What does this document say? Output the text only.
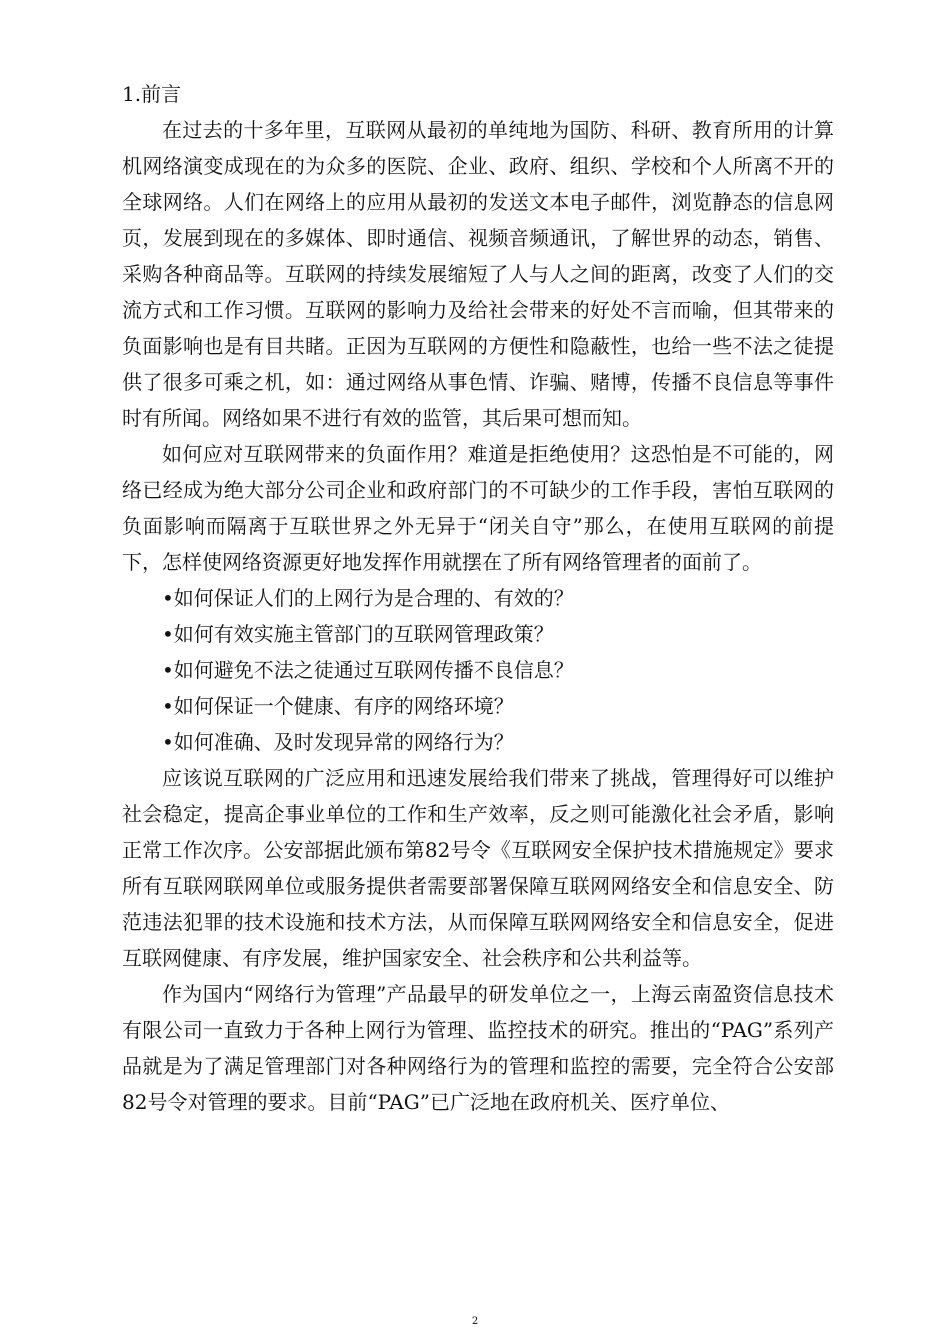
1.前言

在过去的十多年里，互联网从最初的单纯地为国防、科研、教育所用的计算机网络演变成现在的为众多的医院、企业、政府、组织、学校和个人所离不开的全球网络。人们在网络上的应用从最初的发送文本电子邮件，浏览静态的信息网页，发展到现在的多媒体、即时通信、视频音频通讯，了解世界的动态，销售、采购各种商品等。互联网的持续发展缩短了人与人之间的距离，改变了人们的交流方式和工作习惯。互联网的影响力及给社会带来的好处不言而喻，但其带来的负面影响也是有目共睹。正因为互联网的方便性和隐蔽性，也给一些不法之徒提供了很多可乘之机，如：通过网络从事色情、诈骗、赌博，传播不良信息等事件时有所闻。网络如果不进行有效的监管，其后果可想而知。

如何应对互联网带来的负面作用？难道是拒绝使用？这恐怕是不可能的，网络已经成为绝大部分公司企业和政府部门的不可缺少的工作手段，害怕互联网的负面影响而隔离于互联世界之外无异于“闭关自守”那么，在使用互联网的前提下，怎样使网络资源更好地发挥作用就摆在了所有网络管理者的面前了。

•如何保证人们的上网行为是合理的、有效的？

•如何有效实施主管部门的互联网管理政策？

•如何避免不法之徒通过互联网传播不良信息？

•如何保证一个健康、有序的网络环境？

•如何准确、及时发现异常的网络行为？

应该说互联网的广泛应用和迅速发展给我们带来了挑战，管理得好可以维护社会稳定，提高企事业单位的工作和生产效率，反之则可能激化社会矛盾，影响正常工作次序。公安部据此颁布第82号令《互联网安全保护技术措施规定》要求所有互联网联网单位或服务提供者需要部署保障互联网网络安全和信息安全、防范违法犯罪的技术设施和技术方法，从而保障互联网网络安全和信息安全，促进互联网健康、有序发展，维护国家安全、社会秩序和公共利益等。

作为国内“网络行为管理”产品最早的研发单位之一，上海云南盈资信息技术有限公司一直致力于各种上网行为管理、监控技术的研究。推出的“PAG”系列产品就是为了满足管理部门对各种网络行为的管理和监控的需要，完全符合公安部82号令对管理的要求。目前“PAG”已广泛地在政府机关、医疗单位、

2
